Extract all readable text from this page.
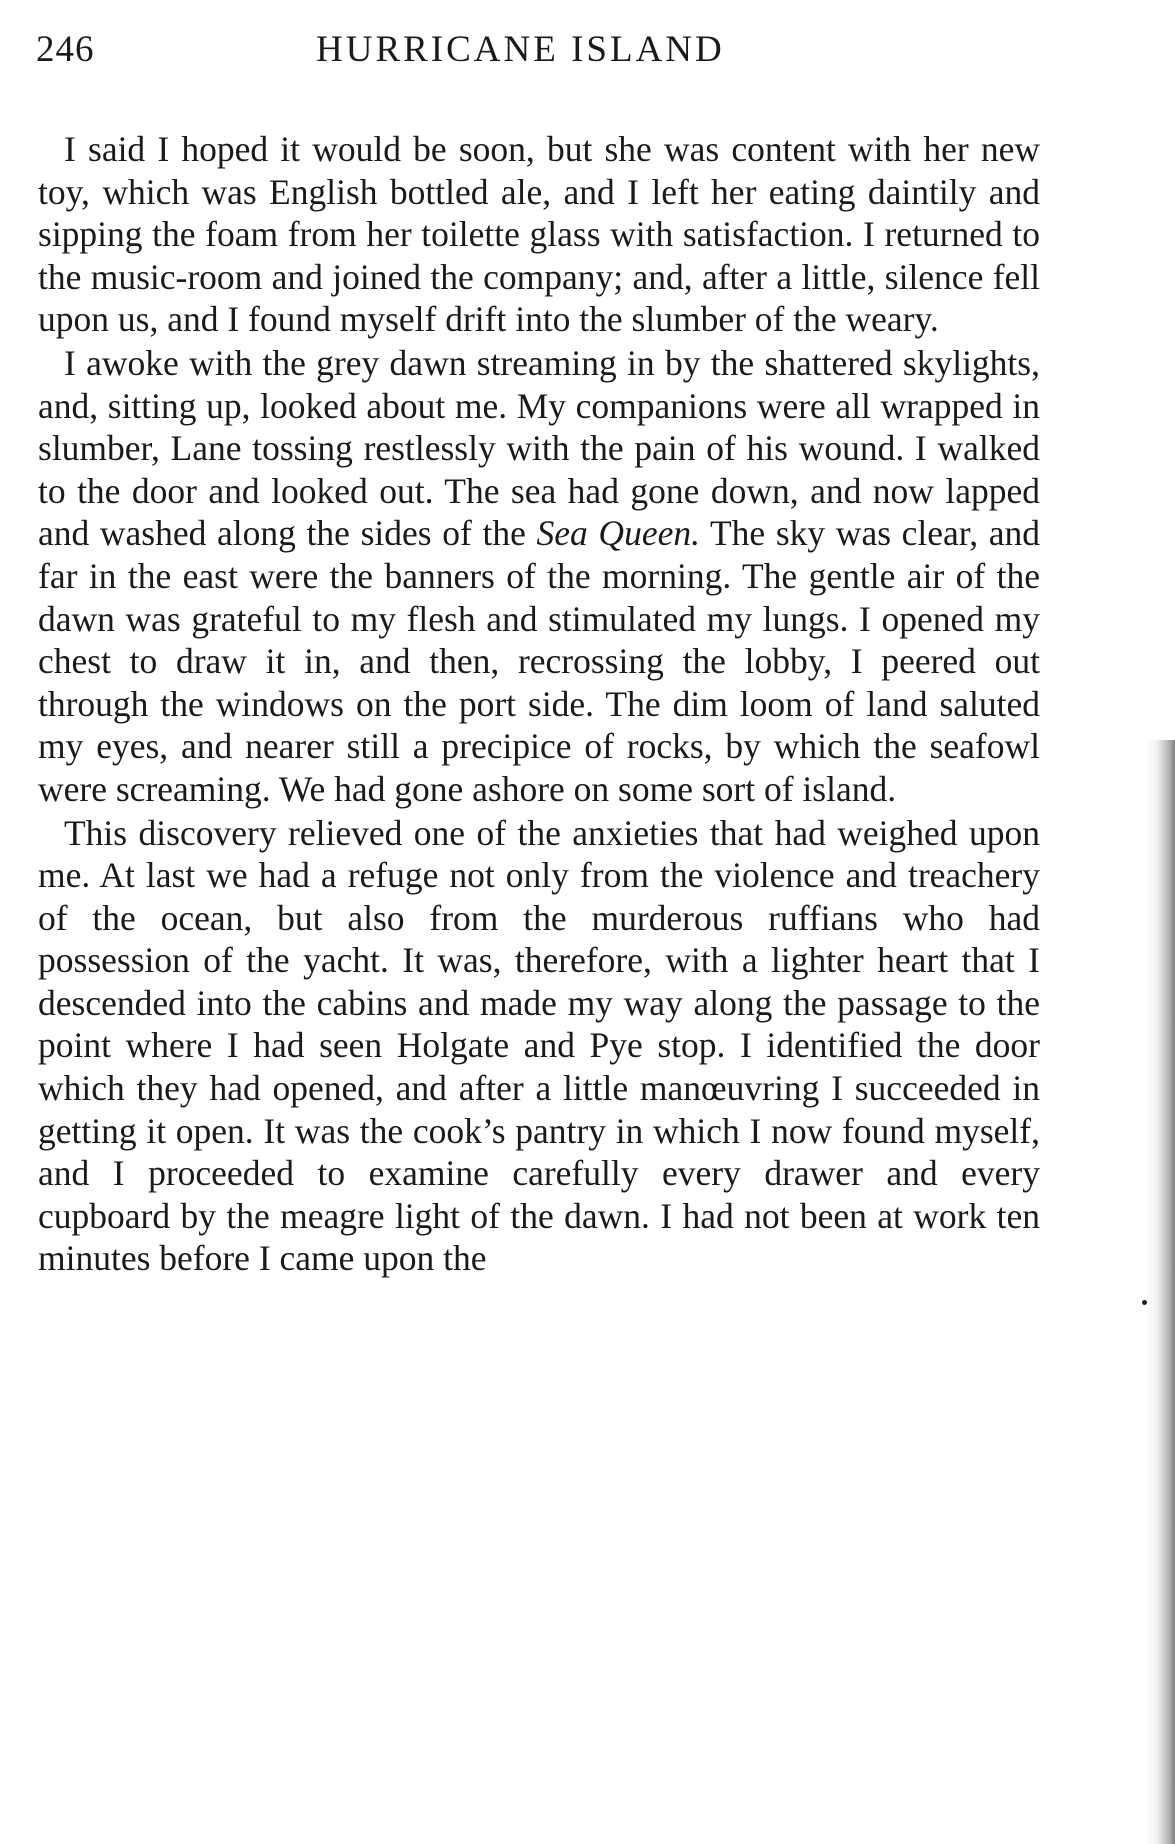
246	HURRICANE ISLAND

I said I hoped it would be soon, but she was content with her new toy, which was English bottled ale, and I left her eating daintily and sipping the foam from her toilette glass with satisfaction. I returned to the music-room and joined the company; and, after a little, silence fell upon us, and I found myself drift into the slumber of the weary.

I awoke with the grey dawn streaming in by the shattered skylights, and, sitting up, looked about me. My companions were all wrapped in slumber, Lane tossing restlessly with the pain of his wound. I walked to the door and looked out. The sea had gone down, and now lapped and washed along the sides of the Sea Queen. The sky was clear, and far in the east were the banners of the morning. The gentle air of the dawn was grateful to my flesh and stimulated my lungs. I opened my chest to draw it in, and then, recrossing the lobby, I peered out through the windows on the port side. The dim loom of land saluted my eyes, and nearer still a precipice of rocks, by which the seafowl were screaming. We had gone ashore on some sort of island.

This discovery relieved one of the anxieties that had weighed upon me. At last we had a refuge not only from the violence and treachery of the ocean, but also from the murderous ruffians who had possession of the yacht. It was, therefore, with a lighter heart that I descended into the cabins and made my way along the passage to the point where I had seen Holgate and Pye stop. I identified the door which they had opened, and after a little manœuvring I succeeded in getting it open. It was the cook’s pantry in which I now found myself, and I proceeded to examine carefully every drawer and every cupboard by the meagre light of the dawn. I had not been at work ten minutes before I came upon the
